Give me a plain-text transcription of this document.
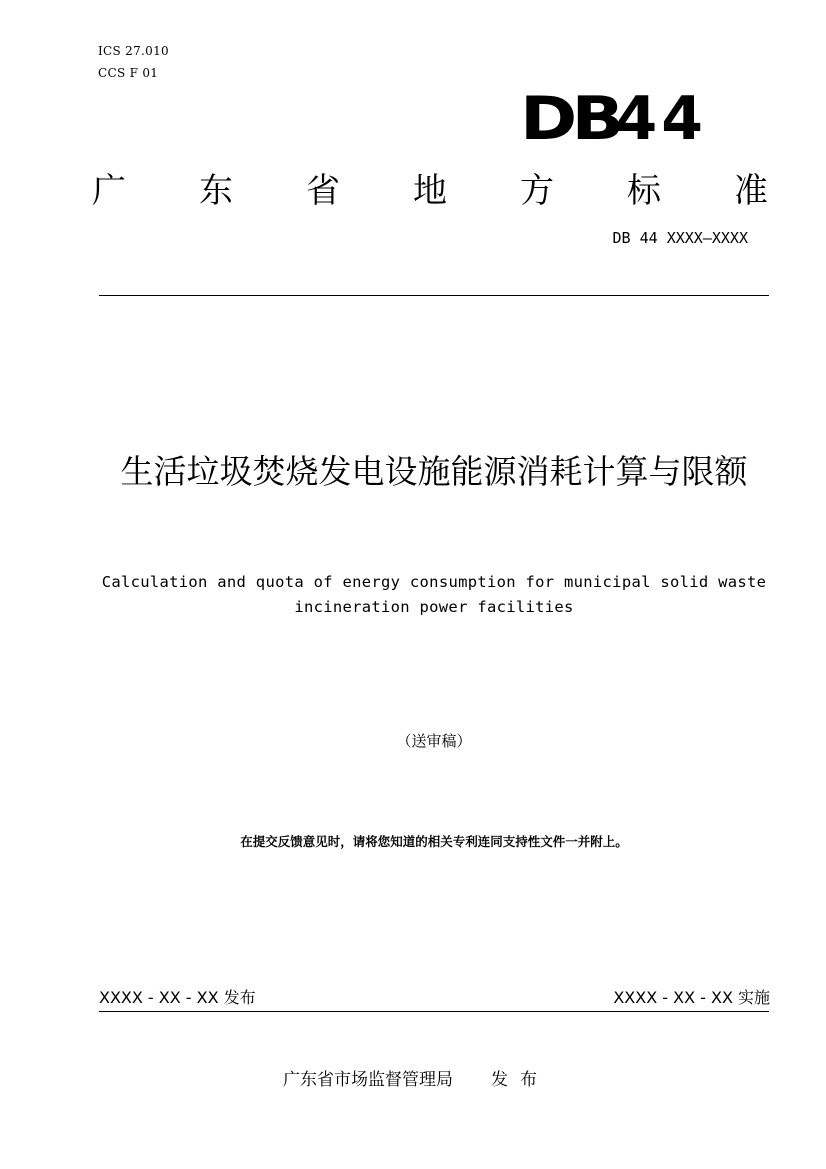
ICS 27.010
CCS F 01
DB44
广 东 省 地 方 标 准
DB 44 XXXX—XXXX
生活垃圾焚烧发电设施能源消耗计算与限额
Calculation and quota of energy consumption for municipal solid waste
incineration power facilities
（送审稿）
在提交反馈意见时，请将您知道的相关专利连同支持性文件一并附上。
XXXX - XX - XX 发布	XXXX - XX - XX 实施
广东省市场监督管理局 发布
